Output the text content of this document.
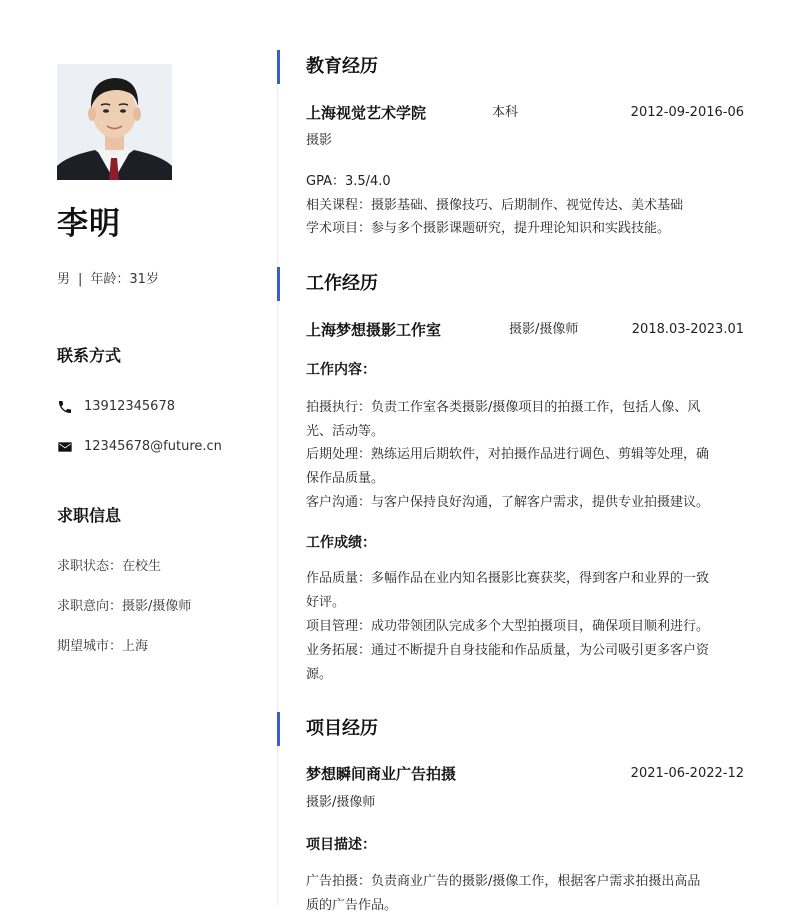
李明
男 | 年龄：31岁
联系方式
13912345678
12345678@future.cn
求职信息
求职状态：在校生
求职意向：摄影/摄像师
期望城市：上海
教育经历
上海视觉艺术学院	本科	2012-09-2016-06
摄影
GPA：3.5/4.0
相关课程：摄影基础、摄像技巧、后期制作、视觉传达、美术基础
学术项目：参与多个摄影课题研究，提升理论知识和实践技能。
工作经历
上海梦想摄影工作室	摄影/摄像师	2018.03-2023.01
工作内容：
拍摄执行：负责工作室各类摄影/摄像项目的拍摄工作，包括人像、风
光、活动等。
后期处理：熟练运用后期软件，对拍摄作品进行调色、剪辑等处理，确
保作品质量。
客户沟通：与客户保持良好沟通，了解客户需求，提供专业拍摄建议。
工作成绩：
作品质量：多幅作品在业内知名摄影比赛获奖，得到客户和业界的一致
好评。
项目管理：成功带领团队完成多个大型拍摄项目，确保项目顺利进行。
业务拓展：通过不断提升自身技能和作品质量，为公司吸引更多客户资
源。
项目经历
梦想瞬间商业广告拍摄	2021-06-2022-12
摄影/摄像师
项目描述：
广告拍摄：负责商业广告的摄影/摄像工作，根据客户需求拍摄出高品
质的广告作品。
